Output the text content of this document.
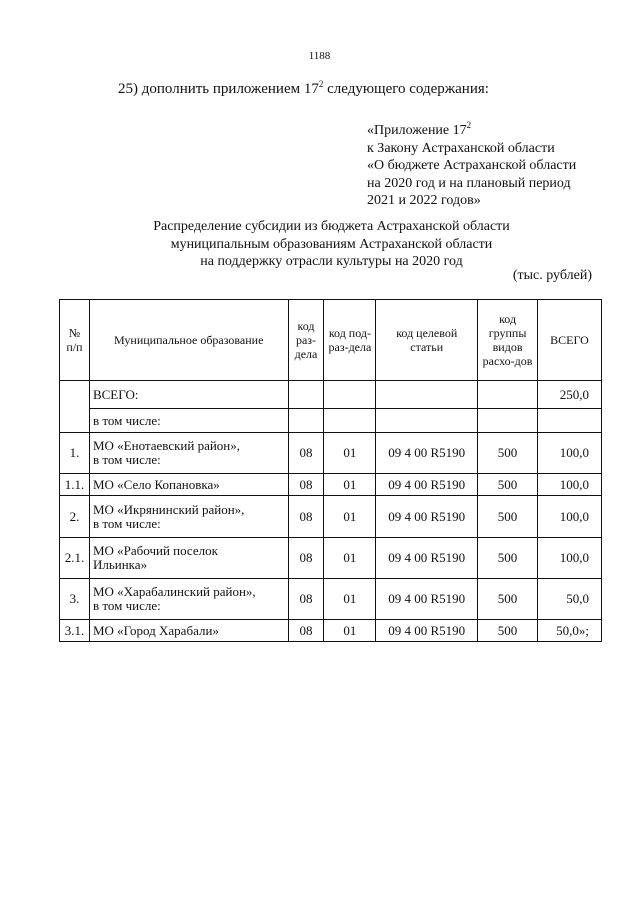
1188
25) дополнить приложением $17^2$ следующего содержания:
«Приложение $17^2$
к Закону Астраханской области
«О бюджете Астраханской области
на 2020 год и на плановый период
2021 и 2022 годов»
Распределение субсидии из бюджета Астраханской области
муниципальным образованиям Астраханской области
на поддержку отрасли культуры на 2020 год
(тыс. рублей)
№ п/п	Муниципальное образование	код раз-дела	код под-раз-дела	код целевой статьи	код группы видов расхо-дов	ВСЕГО
	ВСЕГО:					250,0
	в том числе:					
1.	МО «Енотаевский район»,
в том числе:	08	01	09 4 00 R5190	500	100,0
1.1.	МО «Село Копановка»	08	01	09 4 00 R5190	500	100,0
2.	МО «Икрянинский район»,
в том числе:	08	01	09 4 00 R5190	500	100,0
2.1.	МО «Рабочий поселок
Ильинка»	08	01	09 4 00 R5190	500	100,0
3.	МО «Харабалинский район»,
в том числе:	08	01	09 4 00 R5190	500	50,0
3.1.	МО «Город Харабали»	08	01	09 4 00 R5190	500	50,0»;
